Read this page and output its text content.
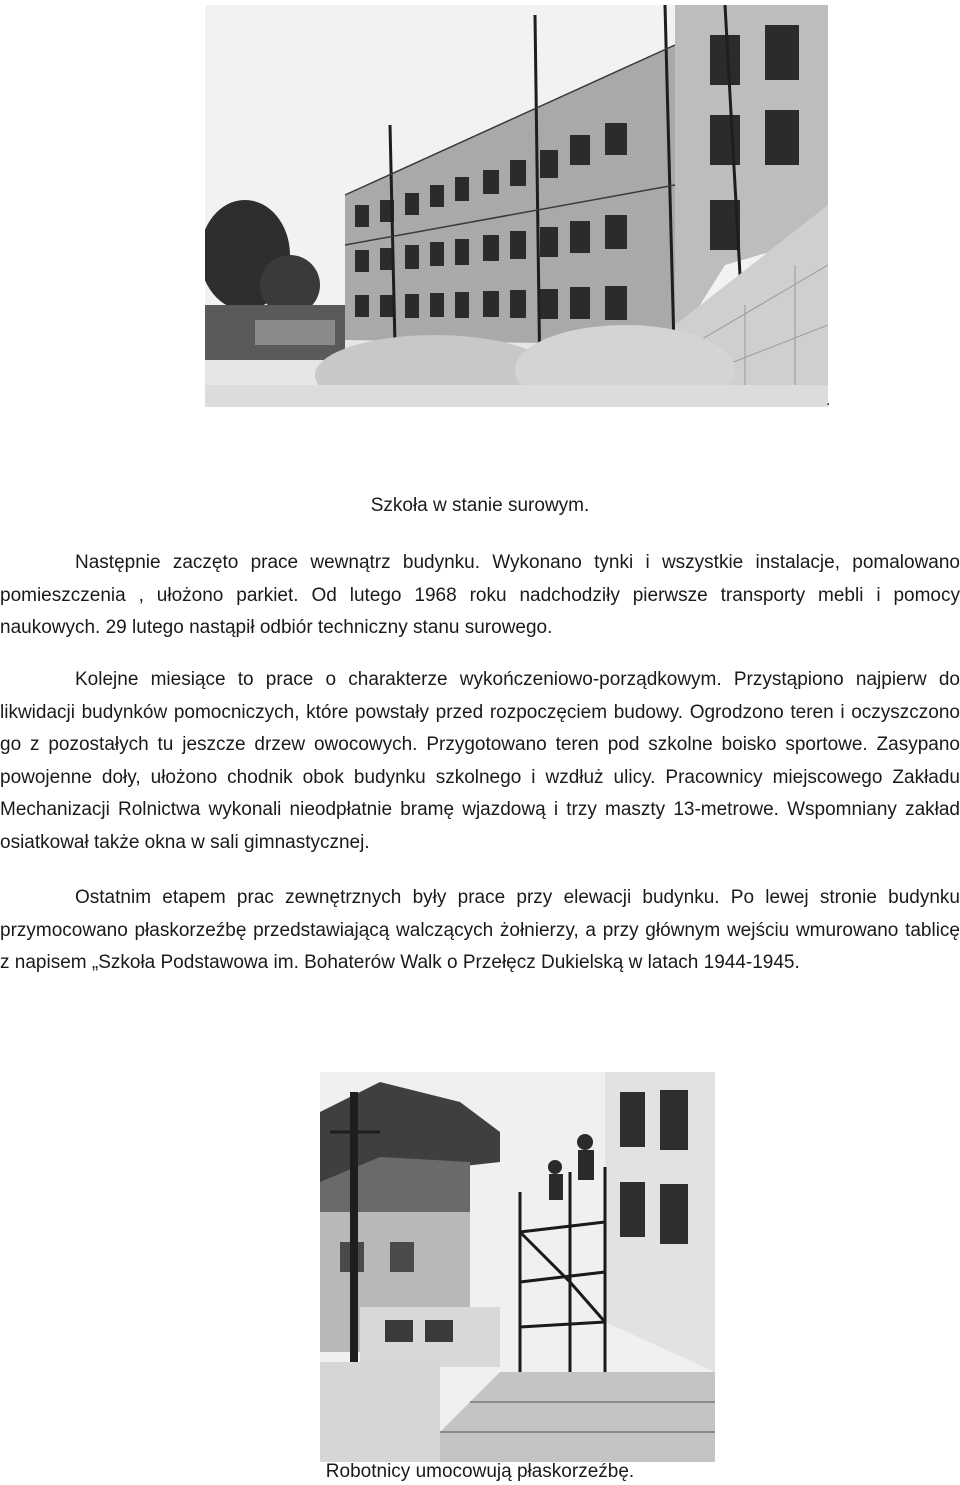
.
Szkoła w stanie surowym.

Następnie zaczęto prace wewnątrz budynku. Wykonano tynki i wszystkie instalacje, pomalowano pomieszczenia , ułożono parkiet. Od lutego 1968 roku nadchodziły pierwsze transporty mebli i pomocy naukowych. 29 lutego nastąpił odbiór techniczny stanu surowego.

Kolejne miesiące to prace o charakterze wykończeniowo-porządkowym. Przystąpiono najpierw do likwidacji budynków pomocniczych, które powstały przed rozpoczęciem budowy. Ogrodzono teren i oczyszczono go z pozostałych tu jeszcze drzew owocowych. Przygotowano teren pod szkolne boisko sportowe. Zasypano powojenne doły, ułożono chodnik obok budynku szkolnego i wzdłuż ulicy. Pracownicy miejscowego Zakładu Mechanizacji Rolnictwa wykonali nieodpłatnie bramę wjazdową i trzy maszty 13-metrowe. Wspomniany zakład osiatkował także okna w sali gimnastycznej.

Ostatnim etapem prac zewnętrznych były prace przy elewacji budynku. Po lewej stronie budynku przymocowano płaskorzeźbę przedstawiającą walczących żołnierzy, a przy głównym wejściu wmurowano tablicę z napisem „Szkoła Podstawowa im. Bohaterów Walk o Przełęcz Dukielską w latach 1944-1945.

Robotnicy umocowują płaskorzeźbę.
